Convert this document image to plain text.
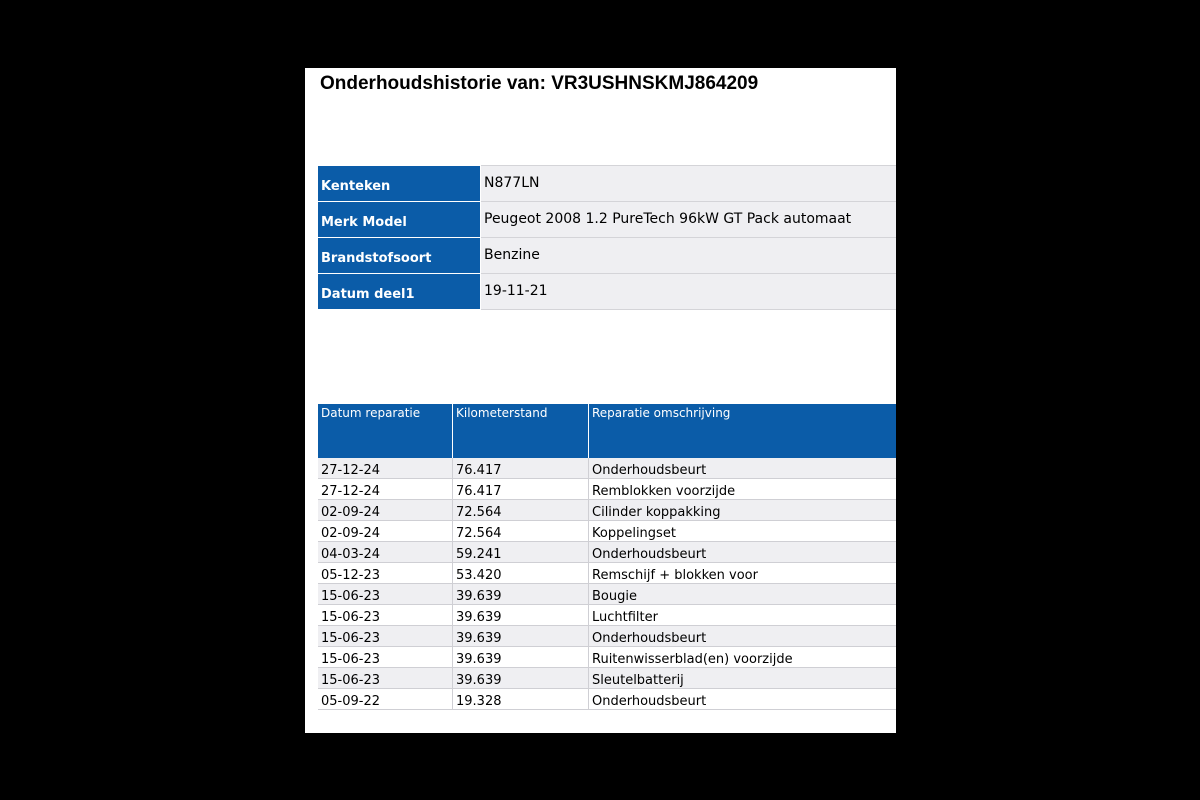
Onderhoudshistorie van: VR3USHNSKMJ864209
Kenteken	N877LN
Merk Model	Peugeot 2008 1.2 PureTech 96kW GT Pack automaat
Brandstofsoort	Benzine
Datum deel1	19-11-21
Datum reparatie	Kilometerstand	Reparatie omschrijving
27-12-24	76.417	Onderhoudsbeurt
27-12-24	76.417	Remblokken voorzijde
02-09-24	72.564	Cilinder koppakking
02-09-24	72.564	Koppelingset
04-03-24	59.241	Onderhoudsbeurt
05-12-23	53.420	Remschijf + blokken voor
15-06-23	39.639	Bougie
15-06-23	39.639	Luchtfilter
15-06-23	39.639	Onderhoudsbeurt
15-06-23	39.639	Ruitenwisserblad(en) voorzijde
15-06-23	39.639	Sleutelbatterij
05-09-22	19.328	Onderhoudsbeurt
